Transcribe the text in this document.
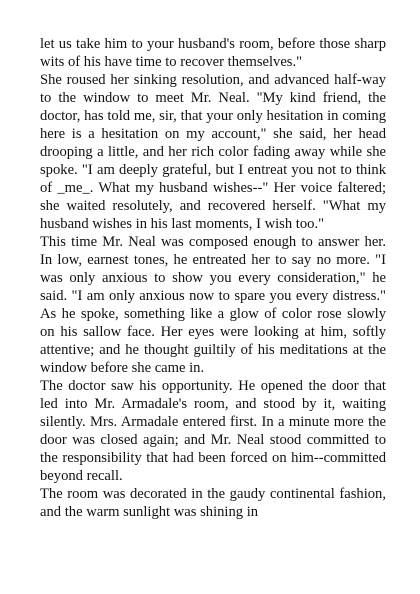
let us take him to your husband's room, before those sharp wits of his have time to recover themselves."

She roused her sinking resolution, and advanced half-way to the window to meet Mr. Neal. "My kind friend, the doctor, has told me, sir, that your only hesitation in coming here is a hesitation on my account," she said, her head drooping a little, and her rich color fading away while she spoke. "I am deeply grateful, but I entreat you not to think of _me_. What my husband wishes--" Her voice faltered; she waited resolutely, and recovered herself. "What my husband wishes in his last moments, I wish too."

This time Mr. Neal was composed enough to answer her. In low, earnest tones, he entreated her to say no more. "I was only anxious to show you every consideration," he said. "I am only anxious now to spare you every distress." As he spoke, something like a glow of color rose slowly on his sallow face. Her eyes were looking at him, softly attentive; and he thought guiltily of his meditations at the window before she came in.

The doctor saw his opportunity. He opened the door that led into Mr. Armadale's room, and stood by it, waiting silently. Mrs. Armadale entered first. In a minute more the door was closed again; and Mr. Neal stood committed to the responsibility that had been forced on him--committed beyond recall.

The room was decorated in the gaudy continental fashion, and the warm sunlight was shining in
